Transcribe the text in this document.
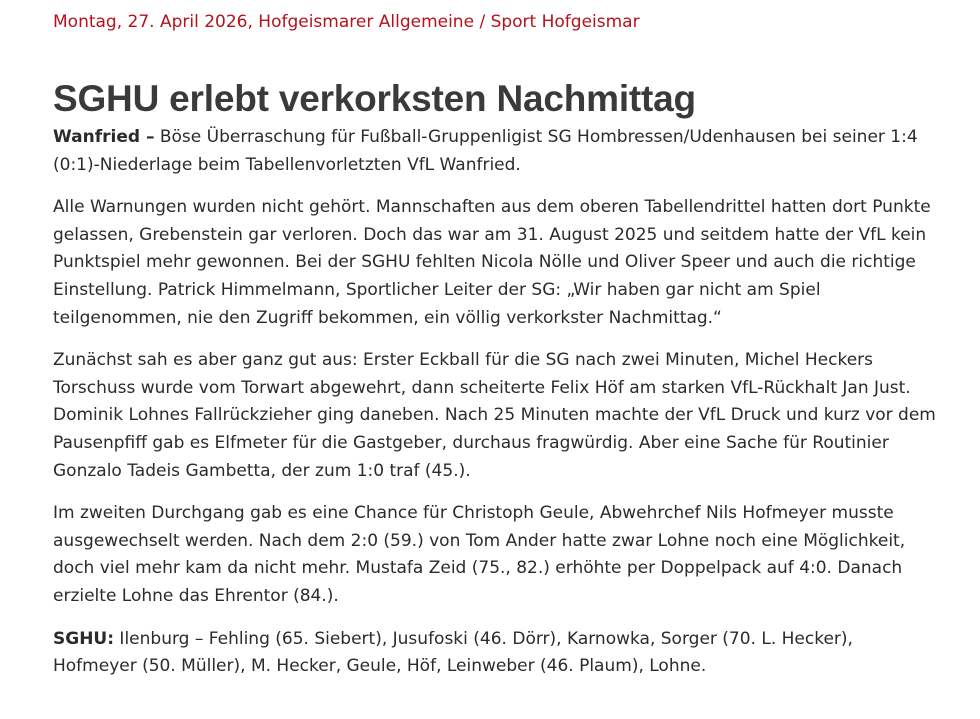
Montag, 27. April 2026, Hofgeismarer Allgemeine / Sport Hofgeismar

SGHU erlebt verkorksten Nachmittag

Wanfried – Böse Überraschung für Fußball-Gruppenligist SG Hombressen/Udenhausen bei seiner 1:4 (0:1)-Niederlage beim Tabellenvorletzten VfL Wanfried.

Alle Warnungen wurden nicht gehört. Mannschaften aus dem oberen Tabellendrittel hatten dort Punkte gelassen, Grebenstein gar verloren. Doch das war am 31. August 2025 und seitdem hatte der VfL kein Punktspiel mehr gewonnen. Bei der SGHU fehlten Nicola Nölle und Oliver Speer und auch die richtige Einstellung. Patrick Himmelmann, Sportlicher Leiter der SG: „Wir haben gar nicht am Spiel teilgenommen, nie den Zugriff bekommen, ein völlig verkorkster Nachmittag.“

Zunächst sah es aber ganz gut aus: Erster Eckball für die SG nach zwei Minuten, Michel Heckers Torschuss wurde vom Torwart abgewehrt, dann scheiterte Felix Höf am starken VfL-Rückhalt Jan Just. Dominik Lohnes Fallrückzieher ging daneben. Nach 25 Minuten machte der VfL Druck und kurz vor dem Pausenpfiff gab es Elfmeter für die Gastgeber, durchaus fragwürdig. Aber eine Sache für Routinier Gonzalo Tadeis Gambetta, der zum 1:0 traf (45.).

Im zweiten Durchgang gab es eine Chance für Christoph Geule, Abwehrchef Nils Hofmeyer musste ausgewechselt werden. Nach dem 2:0 (59.) von Tom Ander hatte zwar Lohne noch eine Möglichkeit, doch viel mehr kam da nicht mehr. Mustafa Zeid (75., 82.) erhöhte per Doppelpack auf 4:0. Danach erzielte Lohne das Ehrentor (84.).

SGHU: Ilenburg – Fehling (65. Siebert), Jusufoski (46. Dörr), Karnowka, Sorger (70. L. Hecker), Hofmeyer (50. Müller), M. Hecker, Geule, Höf, Leinweber (46. Plaum), Lohne.
